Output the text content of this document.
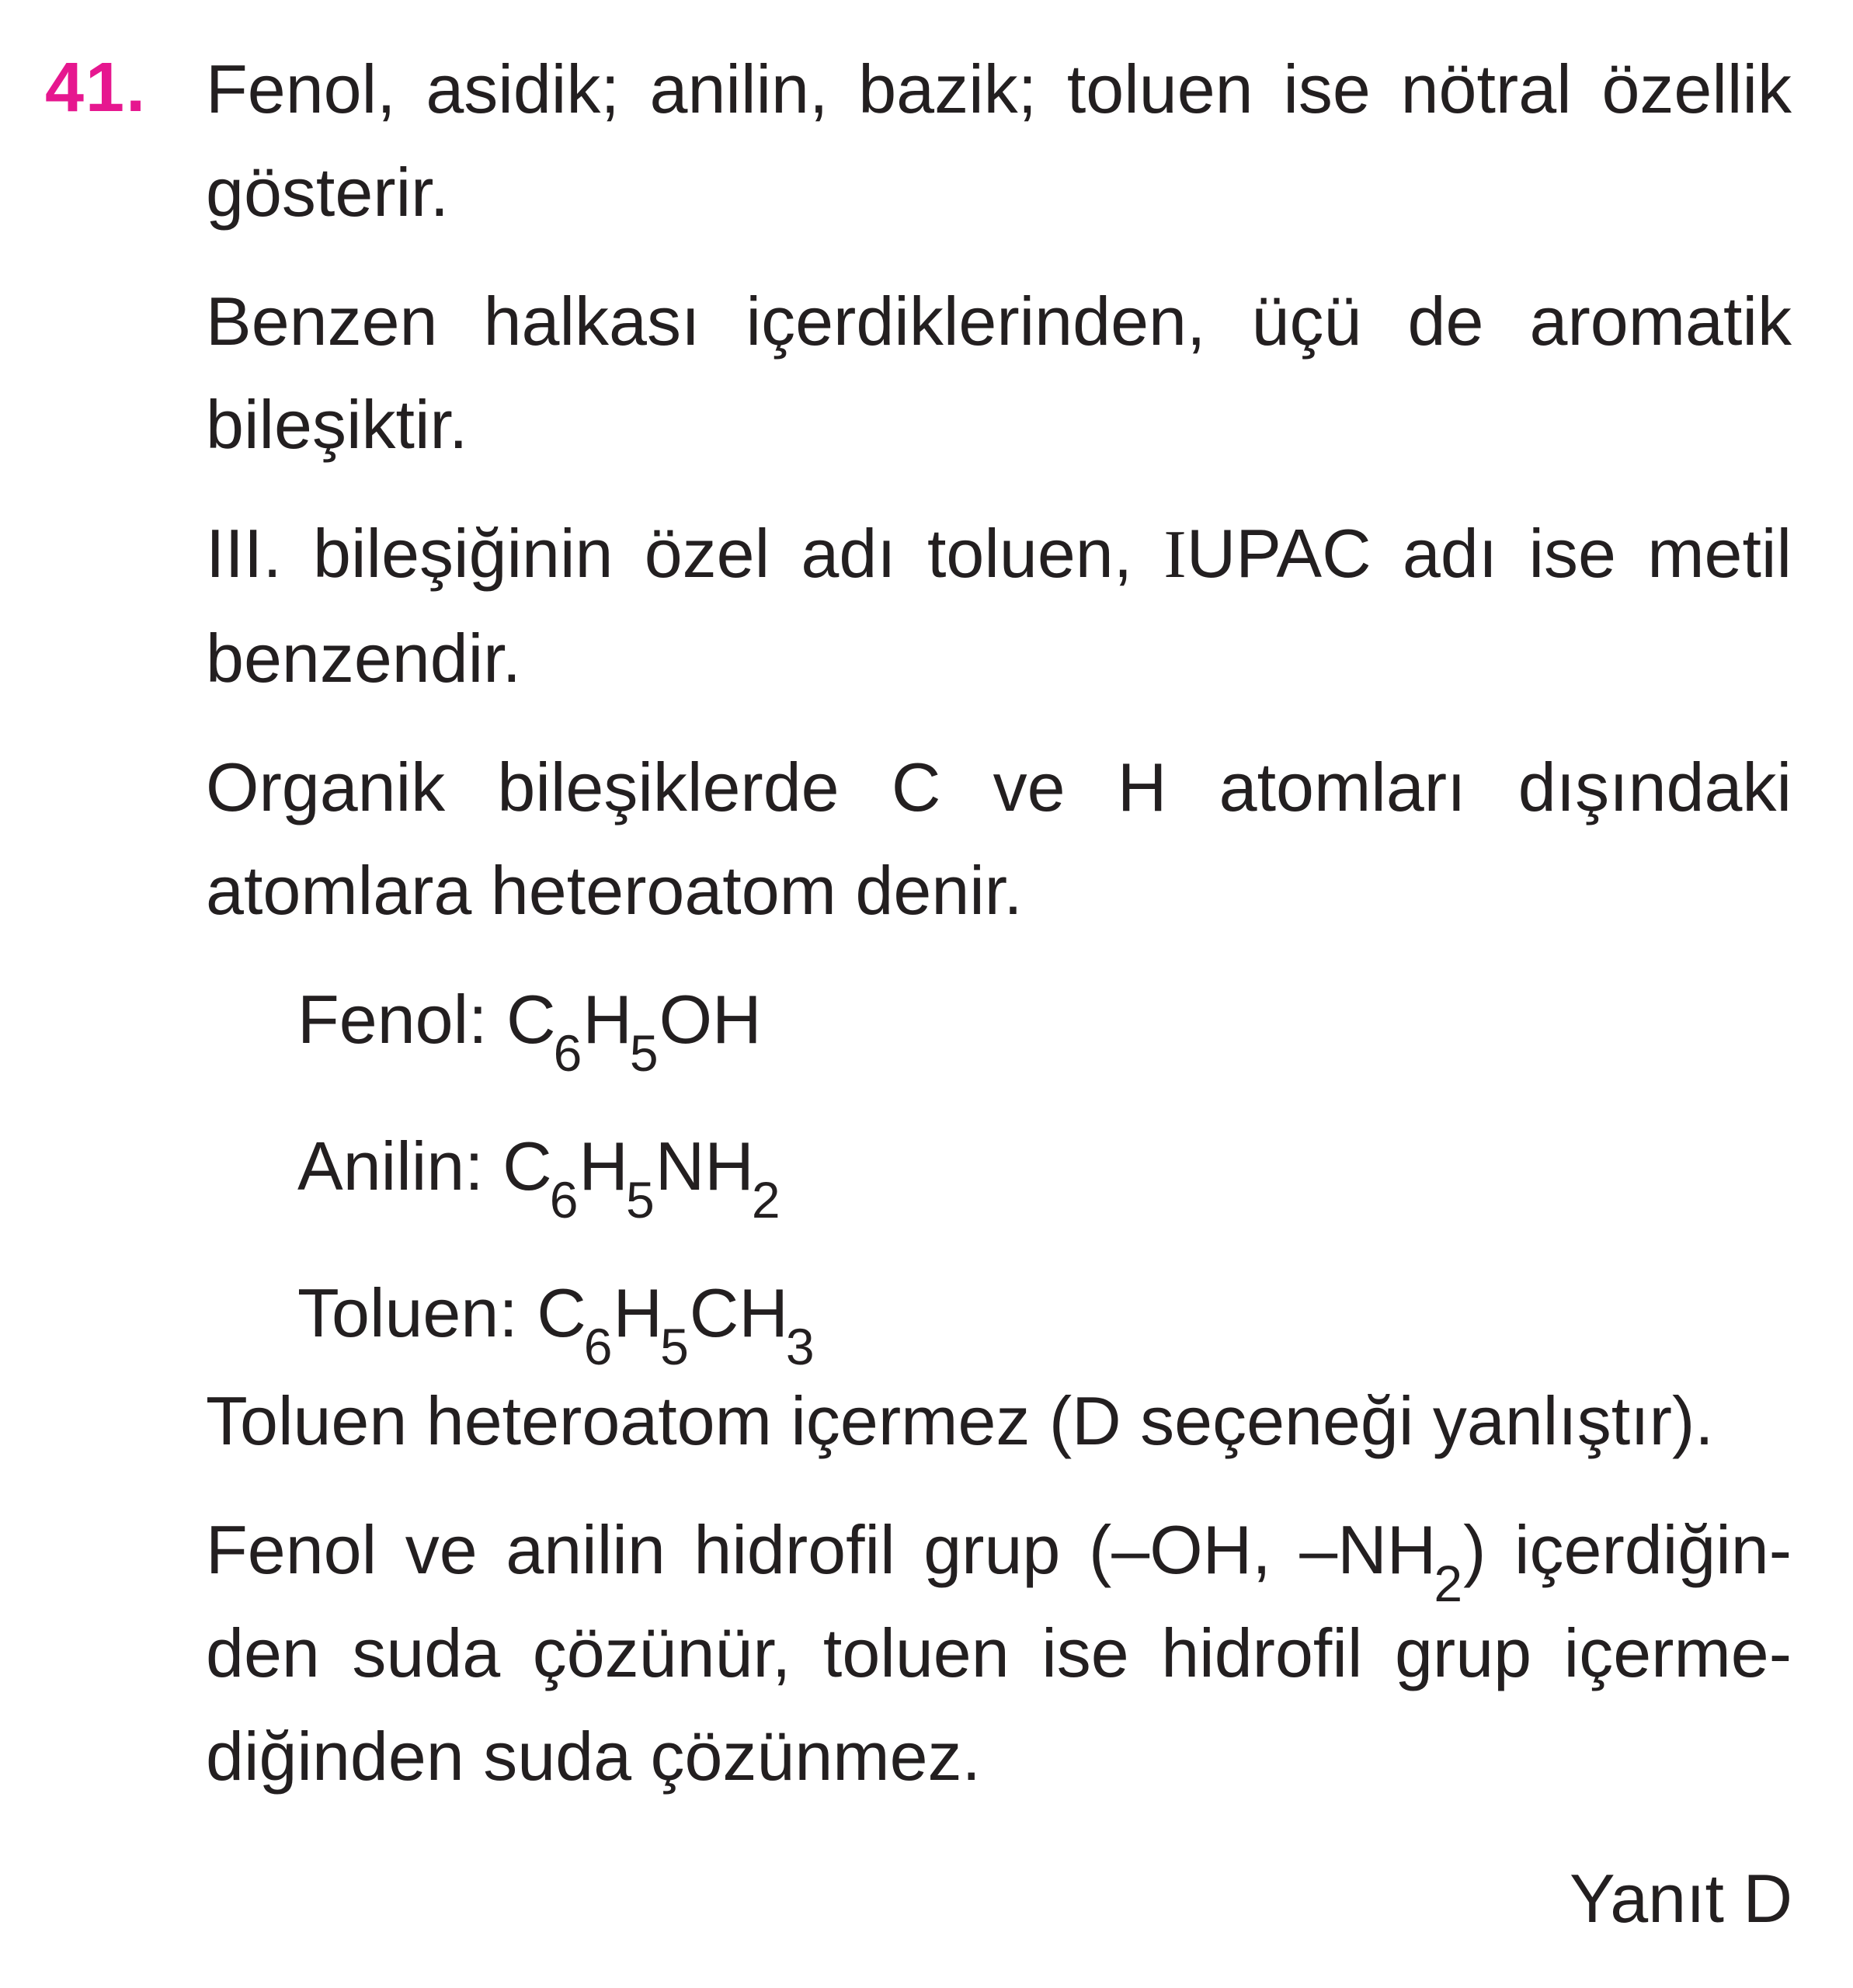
41. Fenol, asidik; anilin, bazik; toluen ise nötral özellik gösterir.

Benzen halkası içerdiklerinden, üçü de aromatik bileşiktir.

III. bileşiğinin özel adı toluen, IUPAC adı ise metil benzendir.

Organik bileşiklerde C ve H atomları dışındaki atomlara heteroatom denir.

Fenol: $C_6H_5OH$
Anilin: $C_6H_5NH_2$
Toluen: $C_6H_5CH_3$

Toluen heteroatom içermez (D seçeneği yanlıştır).

Fenol ve anilin hidrofil grup (–OH, $-NH_2$) içerdiğin-den suda çözünür, toluen ise hidrofil grup içerme-diğinden suda çözünmez.

Yanıt D
